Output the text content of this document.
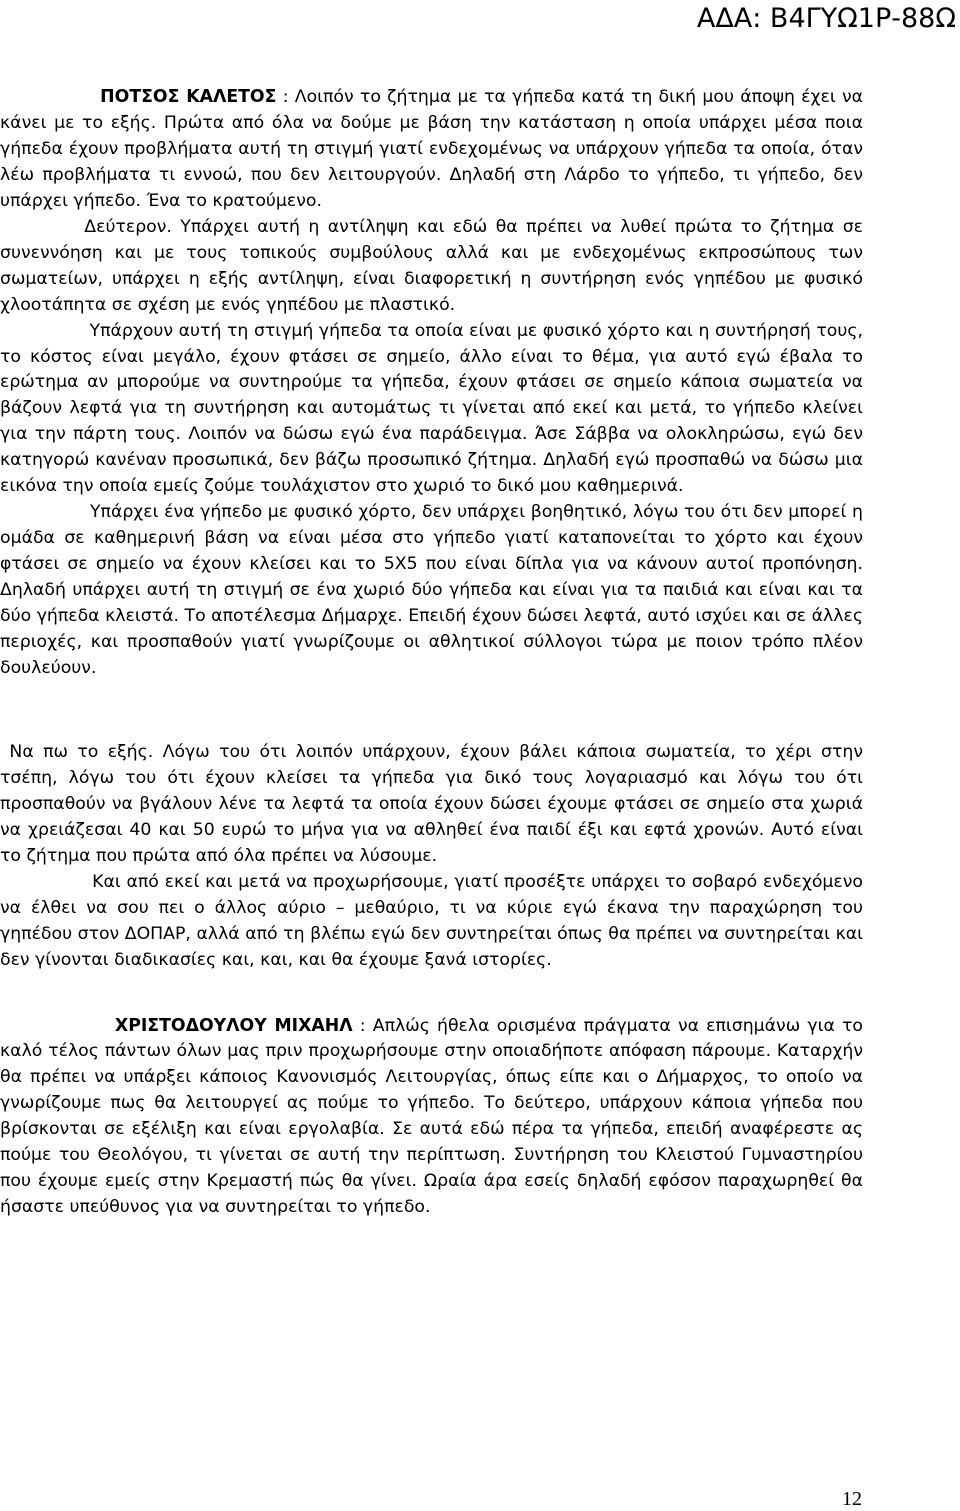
ΑΔΑ: Β4ΓΥΩ1Ρ-88Ω

ΠΟΤΣΟΣ ΚΑΛΕΤΟΣ : Λοιπόν το ζήτημα με τα γήπεδα κατά τη δική μου άποψη έχει να κάνει με το εξής. Πρώτα από όλα να δούμε με βάση την κατάσταση η οποία υπάρχει μέσα ποια γήπεδα έχουν προβλήματα αυτή τη στιγμή γιατί ενδεχομένως να υπάρχουν γήπεδα τα οποία, όταν λέω προβλήματα τι εννοώ, που δεν λειτουργούν. Δηλαδή στη Λάρδο το γήπεδο, τι γήπεδο, δεν υπάρχει γήπεδο. Ένα το κρατούμενο.

Δεύτερον. Υπάρχει αυτή η αντίληψη και εδώ θα πρέπει να λυθεί πρώτα το ζήτημα σε συνεννόηση και με τους τοπικούς συμβούλους αλλά και με ενδεχομένως εκπροσώπους των σωματείων, υπάρχει η εξής αντίληψη, είναι διαφορετική η συντήρηση ενός γηπέδου με φυσικό χλοοτάπητα σε σχέση με ενός γηπέδου με πλαστικό.

Υπάρχουν αυτή τη στιγμή γήπεδα τα οποία είναι με φυσικό χόρτο και η συντήρησή τους, το κόστος είναι μεγάλο, έχουν φτάσει σε σημείο, άλλο είναι το θέμα, για αυτό εγώ έβαλα το ερώτημα αν μπορούμε να συντηρούμε τα γήπεδα, έχουν φτάσει σε σημείο κάποια σωματεία να βάζουν λεφτά για τη συντήρηση και αυτομάτως τι γίνεται από εκεί και μετά, το γήπεδο κλείνει για την πάρτη τους. Λοιπόν να δώσω εγώ ένα παράδειγμα. Άσε Σάββα να ολοκληρώσω, εγώ δεν κατηγορώ κανέναν προσωπικά, δεν βάζω προσωπικό ζήτημα. Δηλαδή εγώ προσπαθώ να δώσω μια εικόνα την οποία εμείς ζούμε τουλάχιστον στο χωριό το δικό μου καθημερινά.

Υπάρχει ένα γήπεδο με φυσικό χόρτο, δεν υπάρχει βοηθητικό, λόγω του ότι δεν μπορεί η ομάδα σε καθημερινή βάση να είναι μέσα στο γήπεδο γιατί καταπονείται το χόρτο και έχουν φτάσει σε σημείο να έχουν κλείσει και το 5Χ5 που είναι δίπλα για να κάνουν αυτοί προπόνηση. Δηλαδή υπάρχει αυτή τη στιγμή σε ένα χωριό δύο γήπεδα και είναι για τα παιδιά και είναι και τα δύο γήπεδα κλειστά. Το αποτέλεσμα Δήμαρχε. Επειδή έχουν δώσει λεφτά, αυτό ισχύει και σε άλλες περιοχές, και προσπαθούν γιατί γνωρίζουμε οι αθλητικοί σύλλογοι τώρα με ποιον τρόπο πλέον δουλεύουν.

Να πω το εξής. Λόγω του ότι λοιπόν υπάρχουν, έχουν βάλει κάποια σωματεία, το χέρι στην τσέπη, λόγω του ότι έχουν κλείσει τα γήπεδα για δικό τους λογαριασμό και λόγω του ότι προσπαθούν να βγάλουν λένε τα λεφτά τα οποία έχουν δώσει έχουμε φτάσει σε σημείο στα χωριά να χρειάζεσαι 40 και 50 ευρώ το μήνα για να αθληθεί ένα παιδί έξι και εφτά χρονών. Αυτό είναι το ζήτημα που πρώτα από όλα πρέπει να λύσουμε.

Και από εκεί και μετά να προχωρήσουμε, γιατί προσέξτε υπάρχει το σοβαρό ενδεχόμενο να έλθει να σου πει ο άλλος αύριο – μεθαύριο, τι να κύριε εγώ έκανα την παραχώρηση του γηπέδου στον ΔΟΠΑΡ, αλλά από τη βλέπω εγώ δεν συντηρείται όπως θα πρέπει να συντηρείται και δεν γίνονται διαδικασίες και, και, και θα έχουμε ξανά ιστορίες.

ΧΡΙΣΤΟΔΟΥΛΟΥ ΜΙΧΑΗΛ : Απλώς ήθελα ορισμένα πράγματα να επισημάνω για το καλό τέλος πάντων όλων μας πριν προχωρήσουμε στην οποιαδήποτε απόφαση πάρουμε. Καταρχήν θα πρέπει να υπάρξει κάποιος Κανονισμός Λειτουργίας, όπως είπε και ο Δήμαρχος, το οποίο να γνωρίζουμε πως θα λειτουργεί ας πούμε το γήπεδο. Το δεύτερο, υπάρχουν κάποια γήπεδα που βρίσκονται σε εξέλιξη και είναι εργολαβία. Σε αυτά εδώ πέρα τα γήπεδα, επειδή αναφέρεστε ας πούμε του Θεολόγου, τι γίνεται σε αυτή την περίπτωση. Συντήρηση του Κλειστού Γυμναστηρίου που έχουμε εμείς στην Κρεμαστή πώς θα γίνει. Ωραία άρα εσείς δηλαδή εφόσον παραχωρηθεί θα ήσαστε υπεύθυνος για να συντηρείται το γήπεδο.

12
